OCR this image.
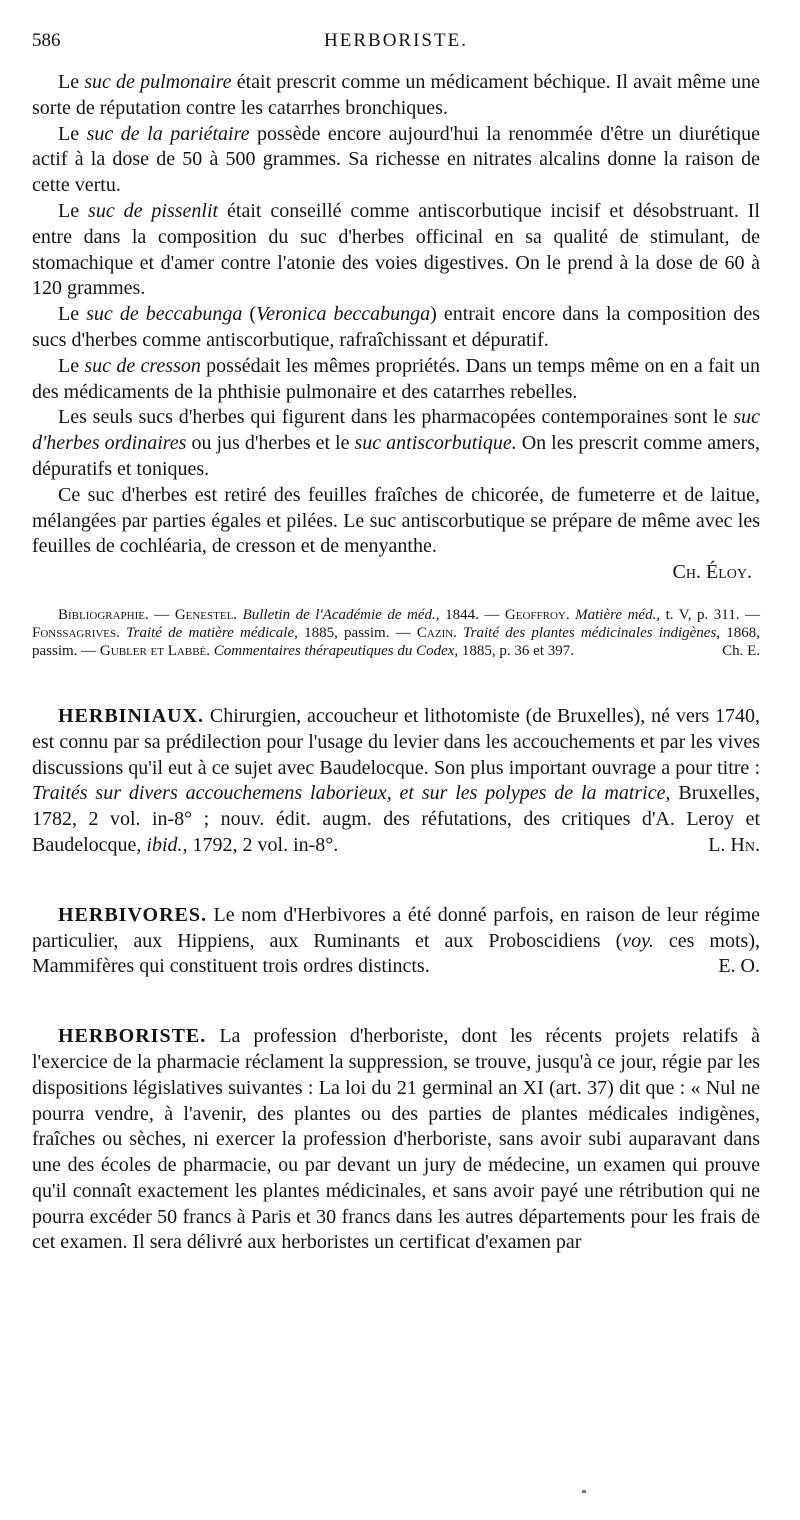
586	HERBORISTE.

Le suc de pulmonaire était prescrit comme un médicament béchique. Il avait même une sorte de réputation contre les catarrhes bronchiques.

Le suc de la pariétaire possède encore aujourd'hui la renommée d'être un diurétique actif à la dose de 50 à 500 grammes. Sa richesse en nitrates alcalins donne la raison de cette vertu.

Le suc de pissenlit était conseillé comme antiscorbutique incisif et désobstruant. Il entre dans la composition du suc d'herbes officinal en sa qualité de stimulant, de stomachique et d'amer contre l'atonie des voies digestives. On le prend à la dose de 60 à 120 grammes.

Le suc de beccabunga (Veronica beccabunga) entrait encore dans la composition des sucs d'herbes comme antiscorbutique, rafraîchissant et dépuratif.

Le suc de cresson possédait les mêmes propriétés. Dans un temps même on en a fait un des médicaments de la phthisie pulmonaire et des catarrhes rebelles.

Les seuls sucs d'herbes qui figurent dans les pharmacopées contemporaines sont le suc d'herbes ordinaires ou jus d'herbes et le suc antiscorbutique. On les prescrit comme amers, dépuratifs et toniques.

Ce suc d'herbes est retiré des feuilles fraîches de chicorée, de fumeterre et de laitue, mélangées par parties égales et pilées. Le suc antiscorbutique se prépare de même avec les feuilles de cochléaria, de cresson et de menyanthe.

Ch. Éloy.

Bibliographie. — Genestel. Bulletin de l'Académie de méd., 1844. — Geoffroy. Matière méd., t. V, p. 311. — Fonssagrives. Traité de matière médicale, 1885, passim. — Cazin. Traité des plantes médicinales indigènes, 1868, passim. — Gubler et Labbé. Commentaires thérapeutiques du Codex, 1885, p. 36 et 397.	Ch. E.

HERBINIAUX. Chirurgien, accoucheur et lithotomiste (de Bruxelles), né vers 1740, est connu par sa prédilection pour l'usage du levier dans les accouchements et par les vives discussions qu'il eut à ce sujet avec Baudelocque. Son plus important ouvrage a pour titre : Traités sur divers accouchemens laborieux, et sur les polypes de la matrice, Bruxelles, 1782, 2 vol. in-8° ; nouv. édit. augm. des réfutations, des critiques d'A. Leroy et Baudelocque, ibid., 1792, 2 vol. in-8°.	L. Hn.

HERBIVORES. Le nom d'Herbivores a été donné parfois, en raison de leur régime particulier, aux Hippiens, aux Ruminants et aux Proboscidiens (voy. ces mots), Mammifères qui constituent trois ordres distincts.	E. O.

HERBORISTE. La profession d'herboriste, dont les récents projets relatifs à l'exercice de la pharmacie réclament la suppression, se trouve, jusqu'à ce jour, régie par les dispositions législatives suivantes : La loi du 21 germinal an XI (art. 37) dit que : « Nul ne pourra vendre, à l'avenir, des plantes ou des parties de plantes médicales indigènes, fraîches ou sèches, ni exercer la profession d'herboriste, sans avoir subi auparavant dans une des écoles de pharmacie, ou par devant un jury de médecine, un examen qui prouve qu'il connaît exactement les plantes médicinales, et sans avoir payé une rétribution qui ne pourra excéder 50 francs à Paris et 30 francs dans les autres départements pour les frais de cet examen. Il sera délivré aux herboristes un certificat d'examen par
